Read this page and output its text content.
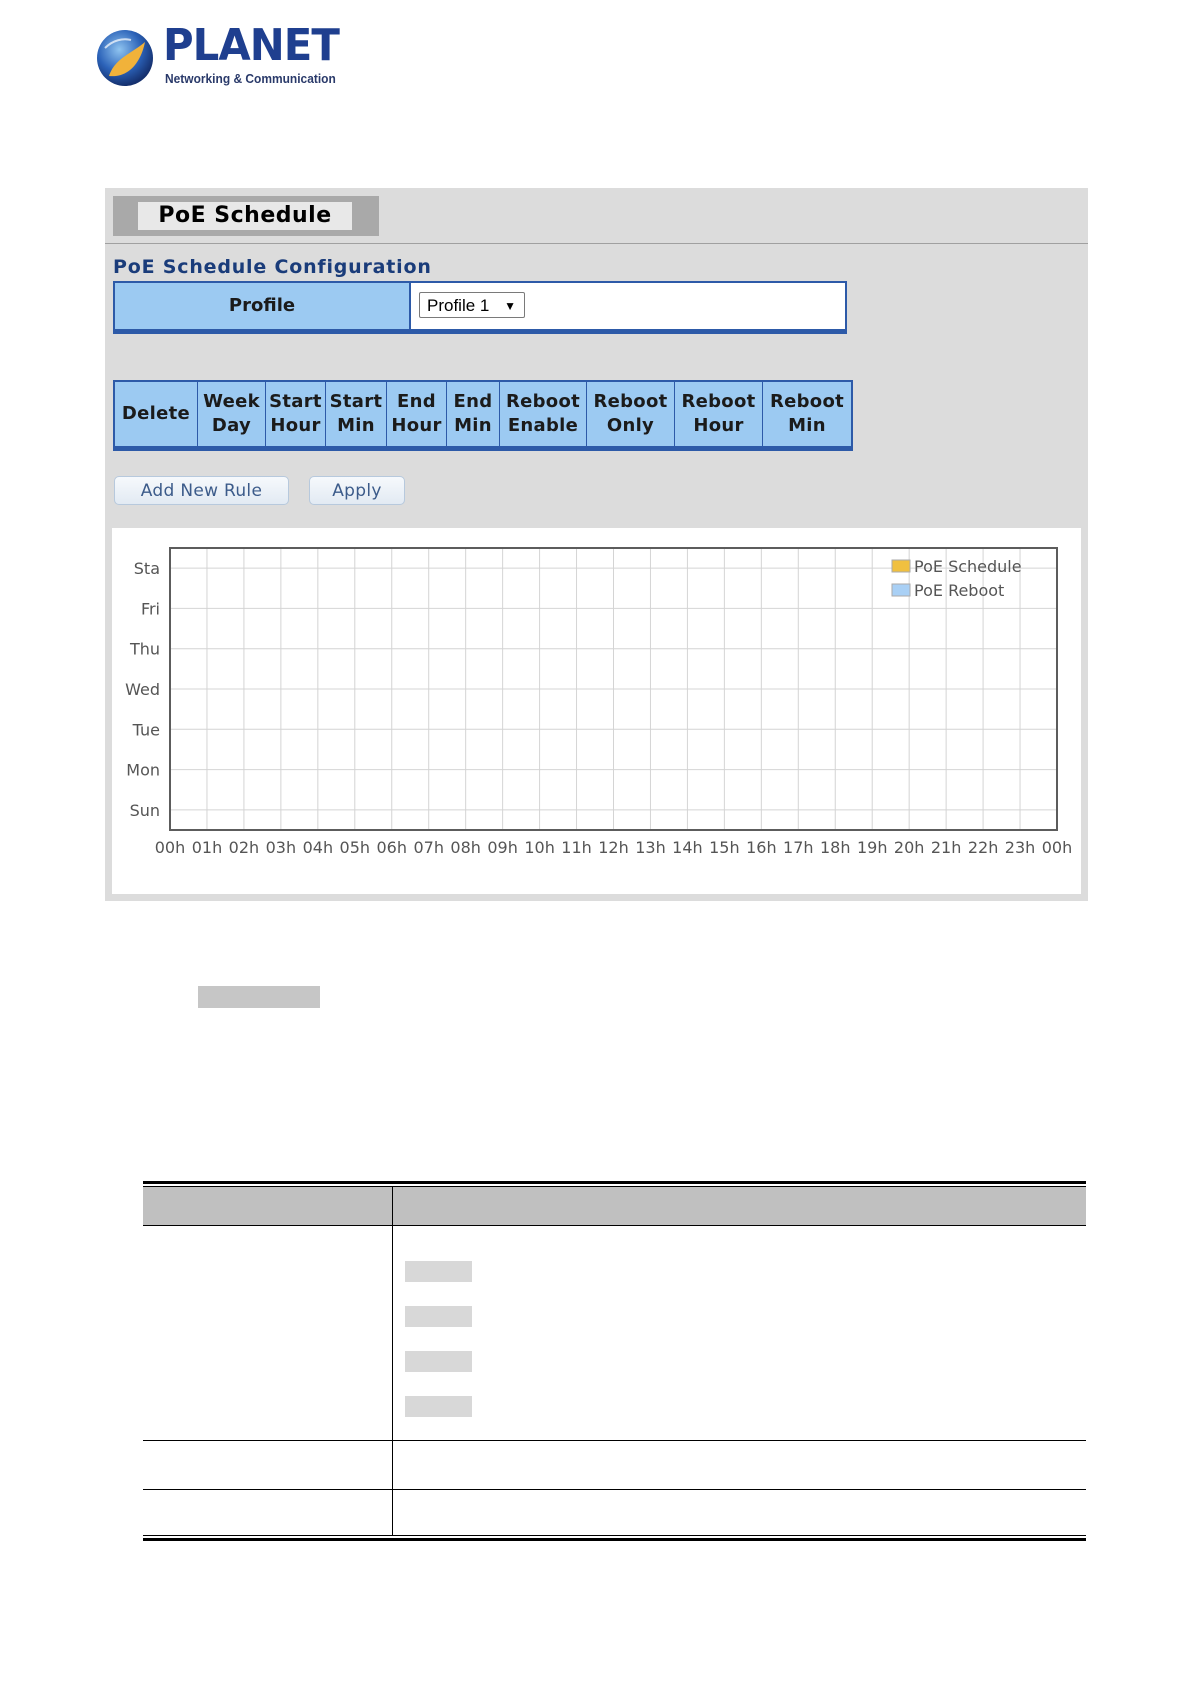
PLANET
Networking & Communication
PoE Schedule
PoE Schedule Configuration
Profile	Profile 1 ▼
Delete
Week
Day
Start
Hour
Start
Min
End
Hour
End
Min
Reboot
Enable
Reboot
Only
Reboot
Hour
Reboot
Min
Add New Rule	Apply
Sta
Fri
Thu
Wed
Tue
Mon
Sun
00h 01h 02h 03h 04h 05h 06h 07h 08h 09h 10h 11h 12h 13h 14h 15h 16h 17h 18h 19h 20h 21h 22h 23h 00h
PoE Schedule
PoE Reboot
